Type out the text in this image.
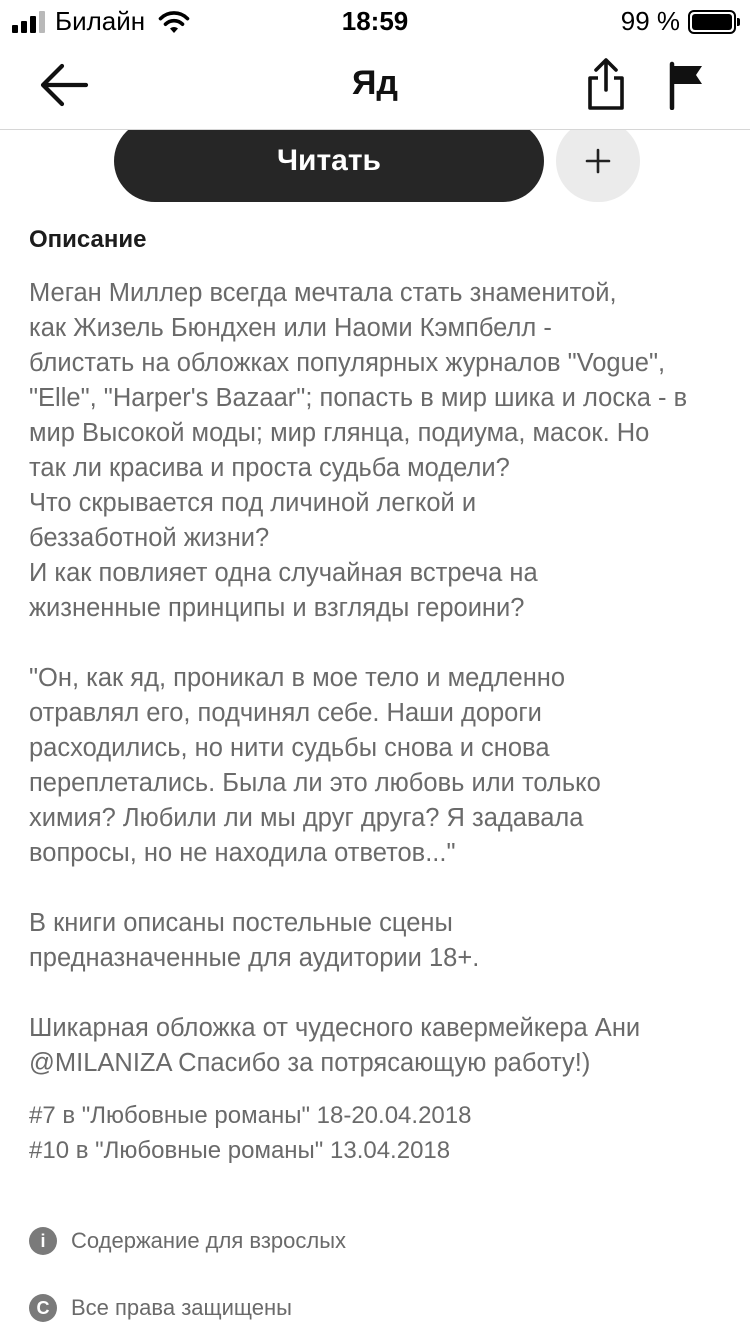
Билайн	18:59	99 %
Яд
Читать
Описание

Меган Миллер всегда мечтала стать знаменитой,
как Жизель Бюндхен или Наоми Кэмпбелл -
блистать на обложках популярных журналов "Vogue",
"Elle", "Harper's Bazaar"; попасть в мир шика и лоска - в
мир Высокой моды; мир глянца, подиума, масок. Но
так ли красива и проста судьба модели?
Что скрывается под личиной легкой и
беззаботной жизни?
И как повлияет одна случайная встреча на
жизненные принципы и взгляды героини?

"Он, как яд, проникал в мое тело и медленно
отравлял его, подчинял себе. Наши дороги
расходились, но нити судьбы снова и снова
переплетались. Была ли это любовь или только
химия? Любили ли мы друг друга? Я задавала
вопросы, но не находила ответов..."

В книги описаны постельные сцены
предназначенные для аудитории 18+.

Шикарная обложка от чудесного кавермейкера Ани
@MILANIZA Спасибо за потрясающую работу!)

#7 в "Любовные романы" 18-20.04.2018
#10 в "Любовные романы" 13.04.2018
i	Содержание для взрослых
C Все права защищены
